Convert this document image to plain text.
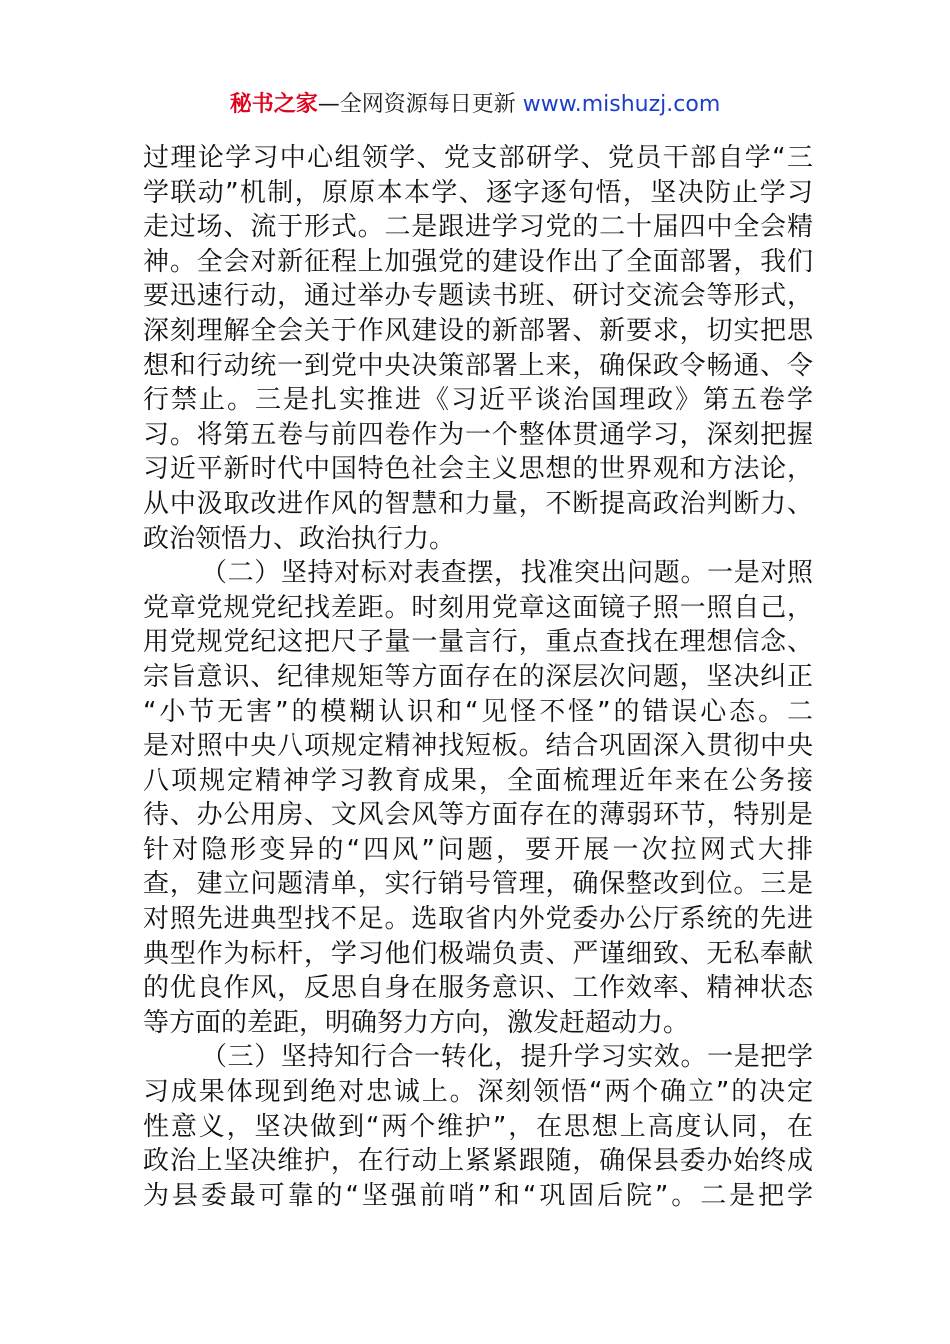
秘书之家—全网资源每日更新 www.mishuzj.com
过理论学习中心组领学、党支部研学、党员干部自学“三
学联动”机制，原原本本学、逐字逐句悟，坚决防止学习
走过场、流于形式。二是跟进学习党的二十届四中全会精
神。全会对新征程上加强党的建设作出了全面部署，我们
要迅速行动，通过举办专题读书班、研讨交流会等形式，
深刻理解全会关于作风建设的新部署、新要求，切实把思
想和行动统一到党中央决策部署上来，确保政令畅通、令
行禁止。三是扎实推进《习近平谈治国理政》第五卷学
习。将第五卷与前四卷作为一个整体贯通学习，深刻把握
习近平新时代中国特色社会主义思想的世界观和方法论，
从中汲取改进作风的智慧和力量，不断提高政治判断力、
政治领悟力、政治执行力。
（二）坚持对标对表查摆，找准突出问题。一是对照
党章党规党纪找差距。时刻用党章这面镜子照一照自己，
用党规党纪这把尺子量一量言行，重点查找在理想信念、
宗旨意识、纪律规矩等方面存在的深层次问题，坚决纠正
“小节无害”的模糊认识和“见怪不怪”的错误心态。二
是对照中央八项规定精神找短板。结合巩固深入贯彻中央
八项规定精神学习教育成果，全面梳理近年来在公务接
待、办公用房、文风会风等方面存在的薄弱环节，特别是
针对隐形变异的“四风”问题，要开展一次拉网式大排
查，建立问题清单，实行销号管理，确保整改到位。三是
对照先进典型找不足。选取省内外党委办公厅系统的先进
典型作为标杆，学习他们极端负责、严谨细致、无私奉献
的优良作风，反思自身在服务意识、工作效率、精神状态
等方面的差距，明确努力方向，激发赶超动力。
（三）坚持知行合一转化，提升学习实效。一是把学
习成果体现到绝对忠诚上。深刻领悟“两个确立”的决定
性意义，坚决做到“两个维护”，在思想上高度认同，在
政治上坚决维护，在行动上紧紧跟随，确保县委办始终成
为县委最可靠的“坚强前哨”和“巩固后院”。二是把学
